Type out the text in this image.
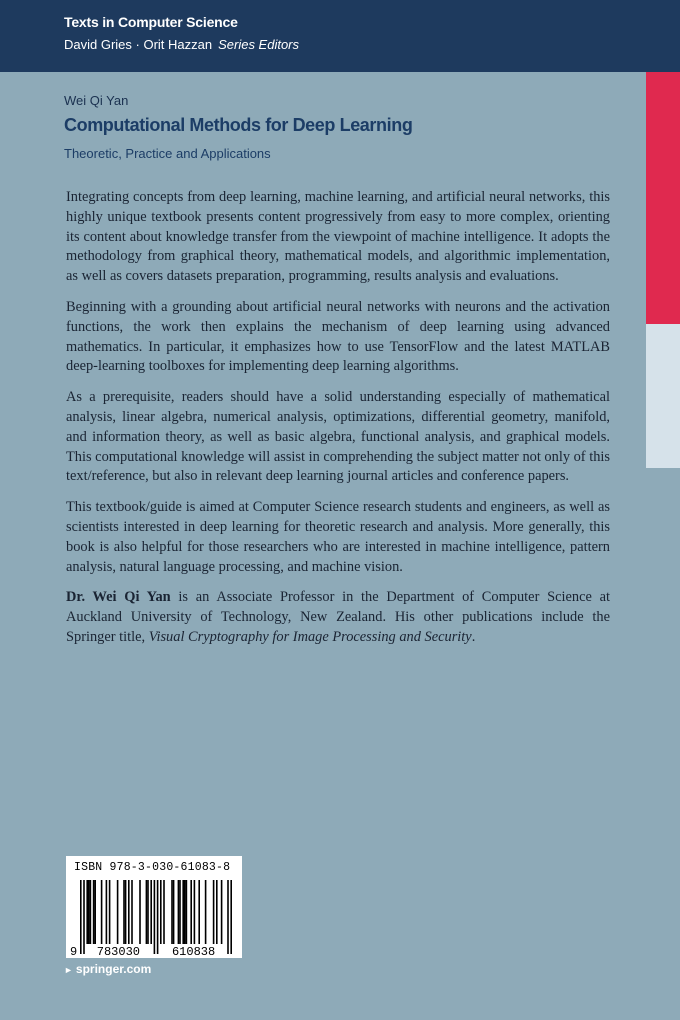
Texts in Computer Science
David Gries · Orit Hazzan Series Editors
Wei Qi Yan
Computational Methods for Deep Learning
Theoretic, Practice and Applications

Integrating concepts from deep learning, machine learning, and artificial neural networks, this highly unique textbook presents content progressively from easy to more complex, orienting its content about knowledge transfer from the viewpoint of machine intelligence. It adopts the methodology from graphical theory, mathematical models, and algorithmic implementation, as well as covers datasets preparation, programming, results analysis and evaluations.

Beginning with a grounding about artificial neural networks with neurons and the activation functions, the work then explains the mechanism of deep learning using advanced mathematics. In particular, it emphasizes how to use TensorFlow and the latest MATLAB deep-learning toolboxes for implementing deep learning algorithms.

As a prerequisite, readers should have a solid understanding especially of mathematical analysis, linear algebra, numerical analysis, optimizations, differential geometry, manifold, and information theory, as well as basic algebra, functional analysis, and graphical models. This computational knowledge will assist in comprehending the subject matter not only of this text/reference, but also in relevant deep learning journal articles and conference papers.

This textbook/guide is aimed at Computer Science research students and engineers, as well as scientists interested in deep learning for theoretic research and analysis. More generally, this book is also helpful for those researchers who are interested in machine intelligence, pattern analysis, natural language processing, and machine vision.

Dr. Wei Qi Yan is an Associate Professor in the Department of Computer Science at Auckland University of Technology, New Zealand. His other publications include the Springer title, Visual Cryptography for Image Processing and Security.

ISBN 978-3-030-61083-8
9 783030	610838
► springer.com
